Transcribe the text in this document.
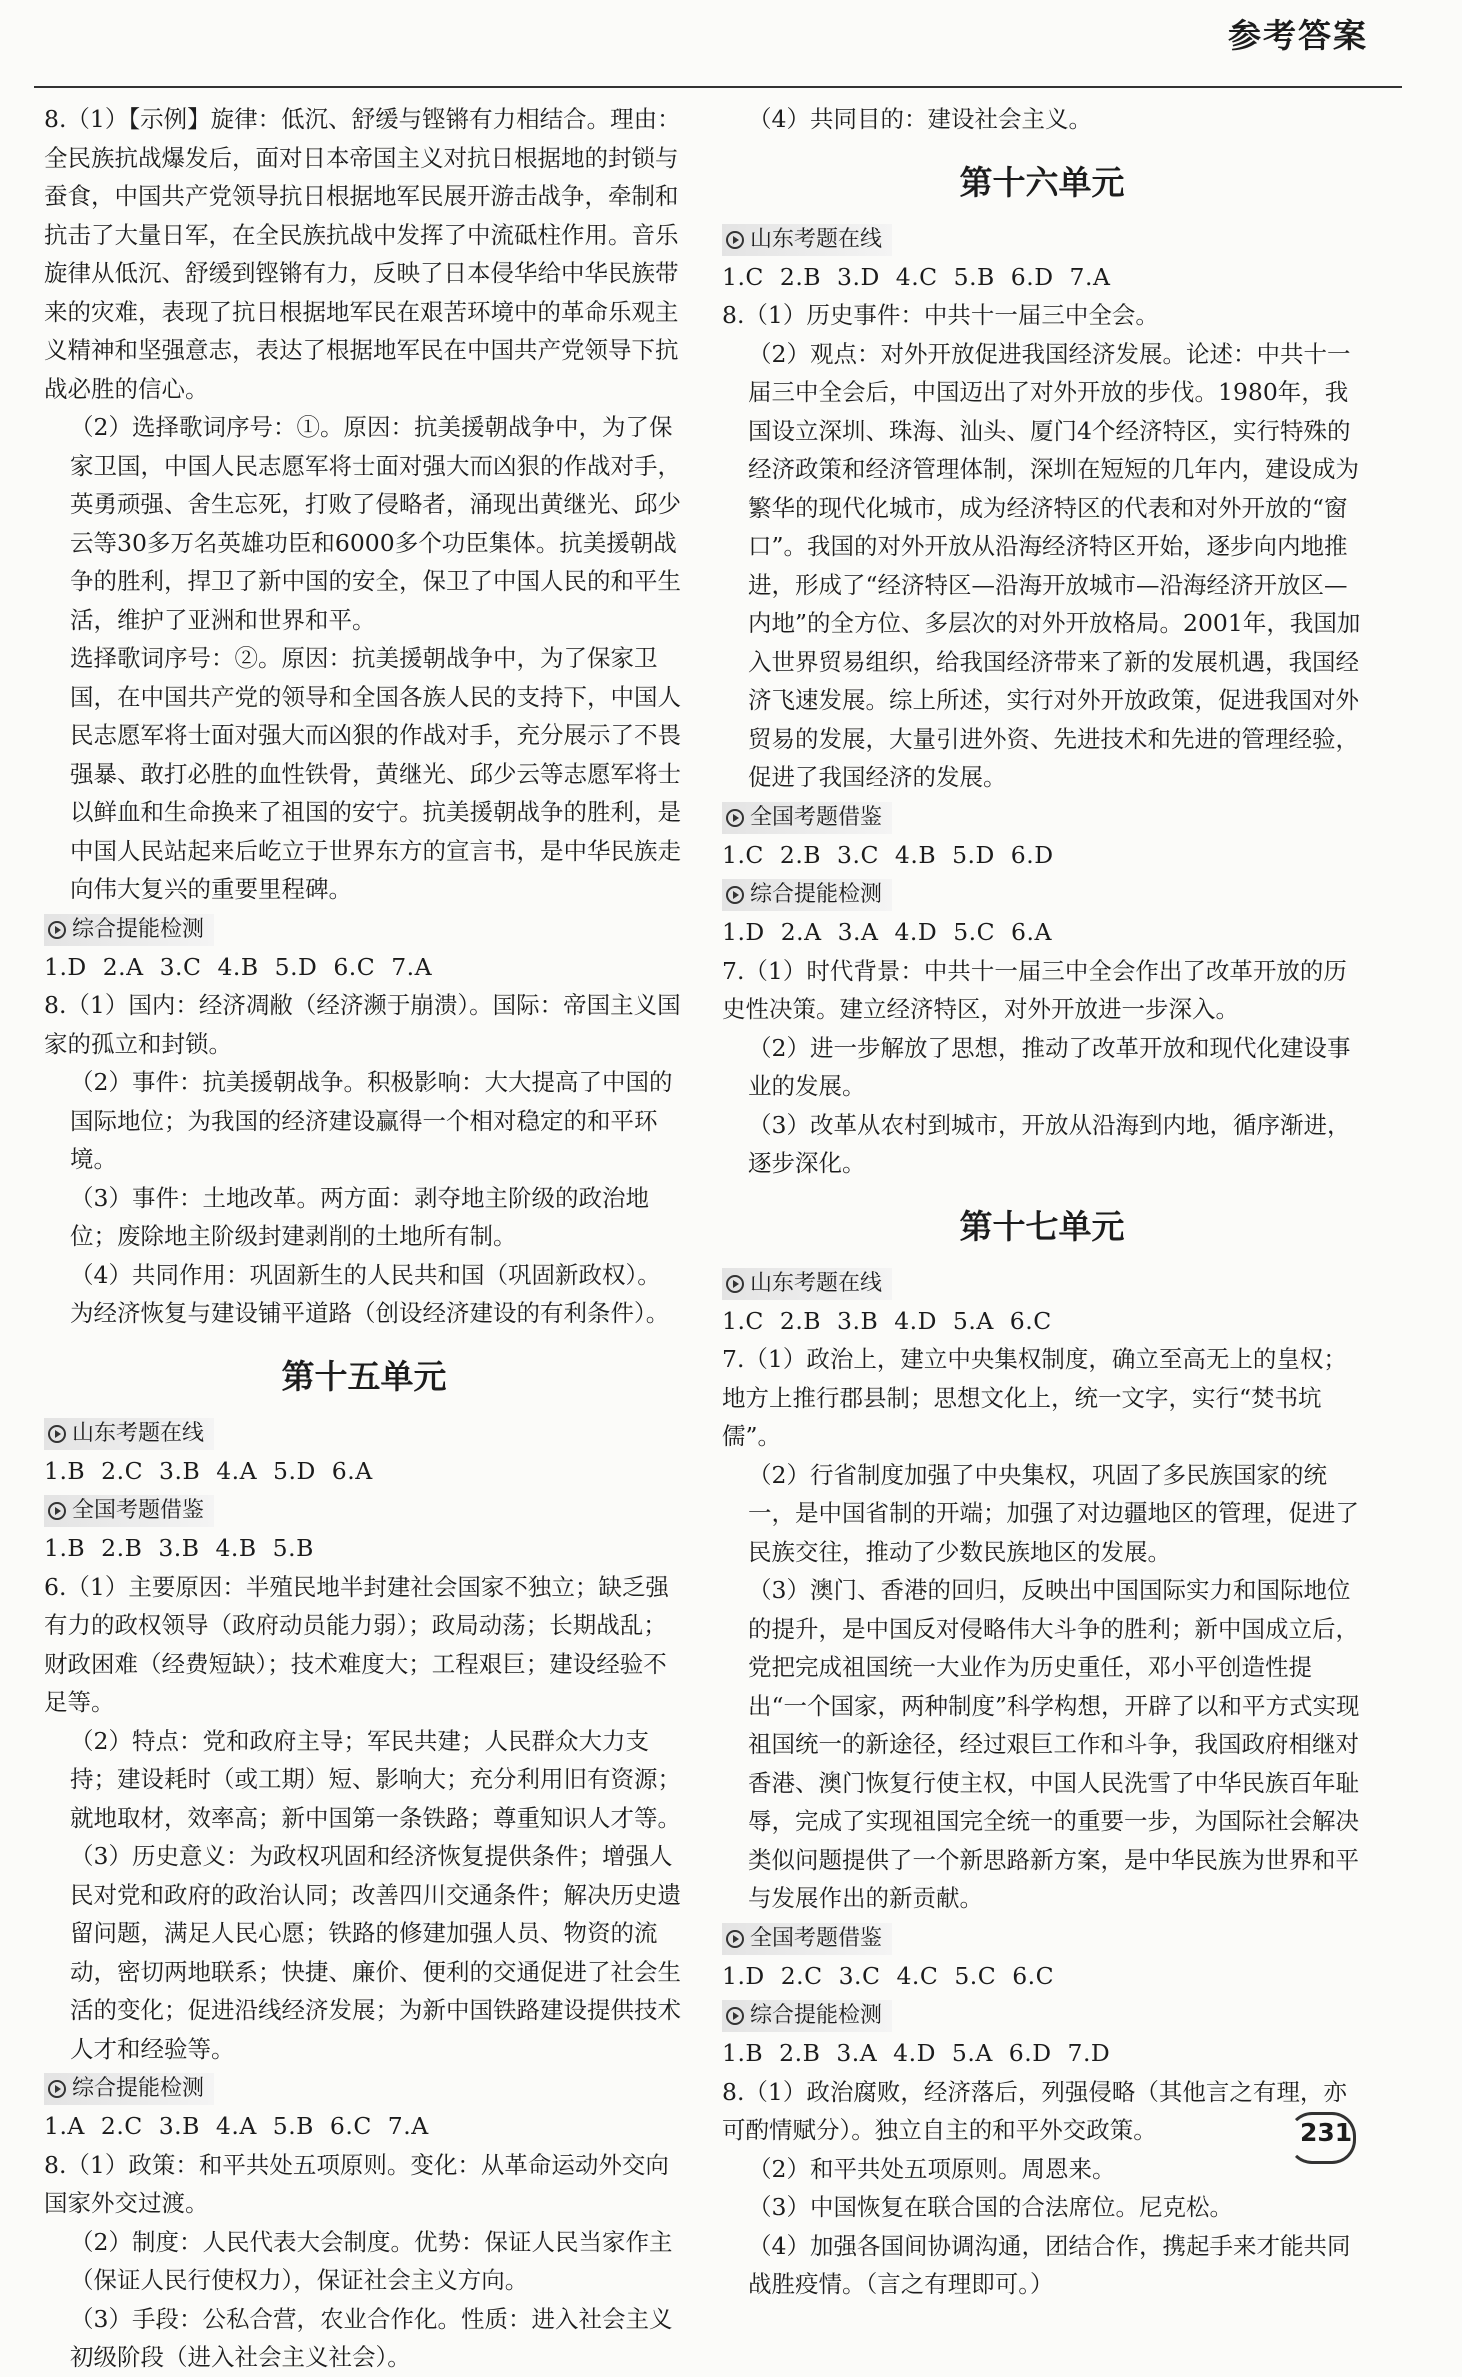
参考答案

8.（1）【示例】旋律：低沉、舒缓与铿锵有力相结合。理由：全民族抗战爆发后，面对日本帝国主义对抗日根据地的封锁与蚕食，中国共产党领导抗日根据地军民展开游击战争，牵制和抗击了大量日军，在全民族抗战中发挥了中流砥柱作用。音乐旋律从低沉、舒缓到铿锵有力，反映了日本侵华给中华民族带来的灾难，表现了抗日根据地军民在艰苦环境中的革命乐观主义精神和坚强意志，表达了根据地军民在中国共产党领导下抗战必胜的信心。

（2）选择歌词序号：①。原因：抗美援朝战争中，为了保家卫国，中国人民志愿军将士面对强大而凶狠的作战对手，英勇顽强、舍生忘死，打败了侵略者，涌现出黄继光、邱少云等30多万名英雄功臣和6000多个功臣集体。抗美援朝战争的胜利，捍卫了新中国的安全，保卫了中国人民的和平生活，维护了亚洲和世界和平。

选择歌词序号：②。原因：抗美援朝战争中，为了保家卫国，在中国共产党的领导和全国各族人民的支持下，中国人民志愿军将士面对强大而凶狠的作战对手，充分展示了不畏强暴、敢打必胜的血性铁骨，黄继光、邱少云等志愿军将士以鲜血和生命换来了祖国的安宁。抗美援朝战争的胜利，是中国人民站起来后屹立于世界东方的宣言书，是中华民族走向伟大复兴的重要里程碑。

综合提能检测

1.D 2.A 3.C 4.B 5.D 6.C 7.A

8.（1）国内：经济凋敝（经济濒于崩溃）。国际：帝国主义国家的孤立和封锁。

（2）事件：抗美援朝战争。积极影响：大大提高了中国的国际地位；为我国的经济建设赢得一个相对稳定的和平环境。

（3）事件：土地改革。两方面：剥夺地主阶级的政治地位；废除地主阶级封建剥削的土地所有制。

（4）共同作用：巩固新生的人民共和国（巩固新政权）。为经济恢复与建设铺平道路（创设经济建设的有利条件）。

第十五单元
山东考题在线

1.B 2.C 3.B 4.A 5.D 6.A

全国考题借鉴

1.B 2.B 3.B 4.B 5.B

6.（1）主要原因：半殖民地半封建社会国家不独立；缺乏强有力的政权领导（政府动员能力弱）；政局动荡；长期战乱；财政困难（经费短缺）；技术难度大；工程艰巨；建设经验不足等。

（2）特点：党和政府主导；军民共建；人民群众大力支持；建设耗时（或工期）短、影响大；充分利用旧有资源；就地取材，效率高；新中国第一条铁路；尊重知识人才等。

（3）历史意义：为政权巩固和经济恢复提供条件；增强人民对党和政府的政治认同；改善四川交通条件；解决历史遗留问题，满足人民心愿；铁路的修建加强人员、物资的流动，密切两地联系；快捷、廉价、便利的交通促进了社会生活的变化；促进沿线经济发展；为新中国铁路建设提供技术人才和经验等。

综合提能检测

1.A 2.C 3.B 4.A 5.B 6.C 7.A

8.（1）政策：和平共处五项原则。变化：从革命运动外交向国家外交过渡。

（2）制度：人民代表大会制度。优势：保证人民当家作主（保证人民行使权力），保证社会主义方向。

（3）手段：公私合营，农业合作化。性质：进入社会主义初级阶段（进入社会主义社会）。

（4）共同目的：建设社会主义。

第十六单元
山东考题在线

1.C 2.B 3.D 4.C 5.B 6.D 7.A

8.（1）历史事件：中共十一届三中全会。

（2）观点：对外开放促进我国经济发展。论述：中共十一届三中全会后，中国迈出了对外开放的步伐。1980年，我国设立深圳、珠海、汕头、厦门4个经济特区，实行特殊的经济政策和经济管理体制，深圳在短短的几年内，建设成为繁华的现代化城市，成为经济特区的代表和对外开放的“窗口”。我国的对外开放从沿海经济特区开始，逐步向内地推进，形成了“经济特区—沿海开放城市—沿海经济开放区—内地”的全方位、多层次的对外开放格局。2001年，我国加入世界贸易组织，给我国经济带来了新的发展机遇，我国经济飞速发展。综上所述，实行对外开放政策，促进我国对外贸易的发展，大量引进外资、先进技术和先进的管理经验，促进了我国经济的发展。

全国考题借鉴

1.C 2.B 3.C 4.B 5.D 6.D

综合提能检测

1.D 2.A 3.A 4.D 5.C 6.A

7.（1）时代背景：中共十一届三中全会作出了改革开放的历史性决策。建立经济特区，对外开放进一步深入。

（2）进一步解放了思想，推动了改革开放和现代化建设事业的发展。

（3）改革从农村到城市，开放从沿海到内地，循序渐进，逐步深化。

第十七单元
山东考题在线

1.C 2.B 3.B 4.D 5.A 6.C

7.（1）政治上，建立中央集权制度，确立至高无上的皇权；地方上推行郡县制；思想文化上，统一文字，实行“焚书坑儒”。

（2）行省制度加强了中央集权，巩固了多民族国家的统一，是中国省制的开端；加强了对边疆地区的管理，促进了民族交往，推动了少数民族地区的发展。

（3）澳门、香港的回归，反映出中国国际实力和国际地位的提升，是中国反对侵略伟大斗争的胜利；新中国成立后，党把完成祖国统一大业作为历史重任，邓小平创造性提出“一个国家，两种制度”科学构想，开辟了以和平方式实现祖国统一的新途径，经过艰巨工作和斗争，我国政府相继对香港、澳门恢复行使主权，中国人民洗雪了中华民族百年耻辱，完成了实现祖国完全统一的重要一步，为国际社会解决类似问题提供了一个新思路新方案，是中华民族为世界和平与发展作出的新贡献。

全国考题借鉴

1.D 2.C 3.C 4.C 5.C 6.C

综合提能检测

1.B 2.B 3.A 4.D 5.A 6.D 7.D

8.（1）政治腐败，经济落后，列强侵略（其他言之有理，亦可酌情赋分）。独立自主的和平外交政策。

（2）和平共处五项原则。周恩来。

（3）中国恢复在联合国的合法席位。尼克松。

（4）加强各国间协调沟通，团结合作，携起手来才能共同战胜疫情。（言之有理即可。）

231
